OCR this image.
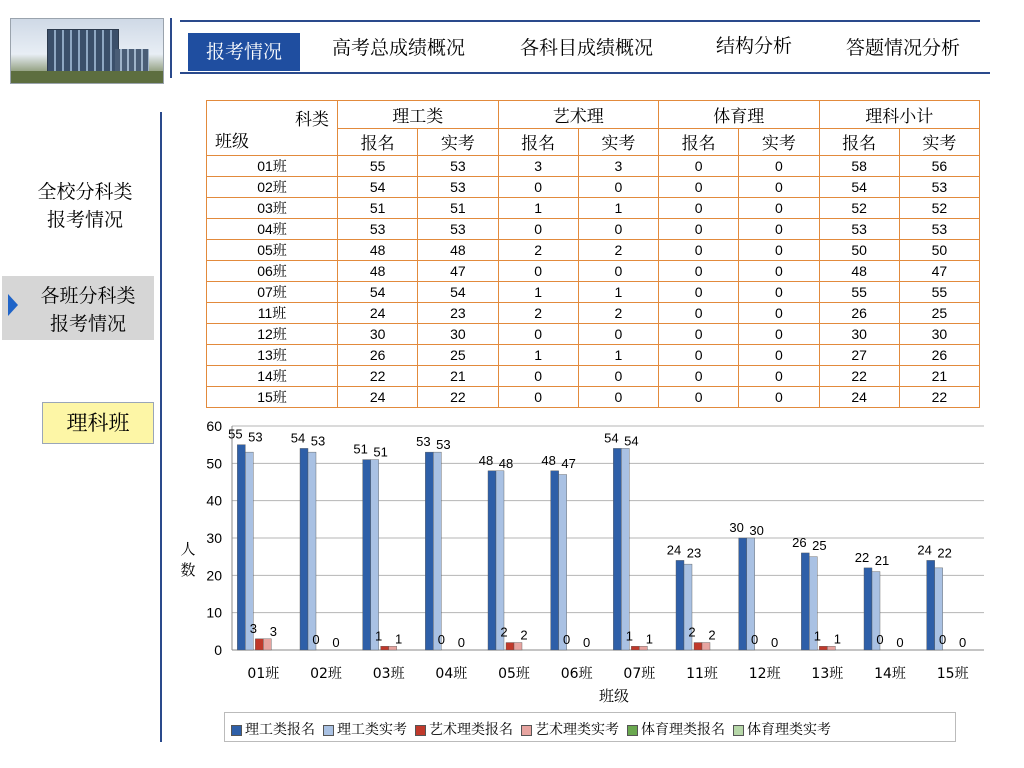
报考情况	高考总成绩概况	各科目成绩概况	结构分析	答题情况分析
全校分科类
报考情况
各班分科类
报考情况
理科班
科类
班级	理工类		艺术理		体育理		理科小计	
	报名	实考	报名	实考	报名	实考	报名	实考
01班	55	53	3	3	0	0	58	56
02班	54	53	0	0	0	0	54	53
03班	51	51	1	1	0	0	52	52
04班	53	53	0	0	0	0	53	53
05班	48	48	2	2	0	0	50	50
06班	48	47	0	0	0	0	48	47
07班	54	54	1	1	0	0	55	55
11班	24	23	2	2	0	0	26	25
12班	30	30	0	0	0	0	30	30
13班	26	25	1	1	0	0	27	26
14班	22	21	0	0	0	0	22	21
15班	24	22	0	0	0	0	24	22
0
10
20
30
40
50
60
人
数
班级
55 53
3 3
01班
54 53
0 0
02班
51 51
1 1
03班
53 53
0 0
04班
48 48
2 2
05班
48 47
0 0
06班
54 54
1 1
07班
24 23
2 2
11班
30 30
0 0
12班
26 25
1 1
13班
22 21
0 0
14班
24 22
0 0
15班
理工类报名	理工类实考	艺术理类报名	艺术理类实考	体育理类报名	体育理类实考
